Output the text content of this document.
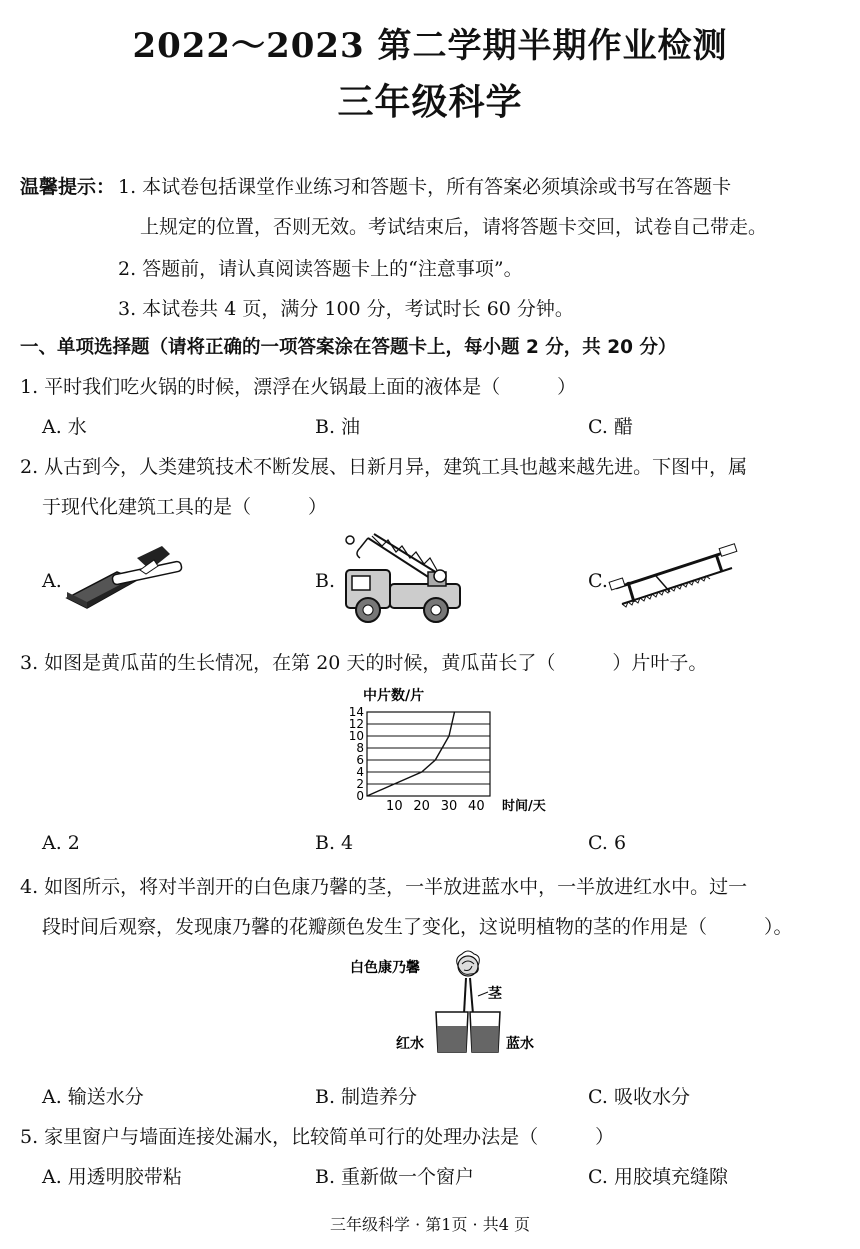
2022～2023 第二学期半期作业检测
三年级科学
温馨提示： 1. 本试卷包括课堂作业练习和答题卡，所有答案必须填涂或书写在答题卡
上规定的位置，否则无效。考试结束后，请将答题卡交回，试卷自己带走。
2. 答题前，请认真阅读答题卡上的“注意事项”。
3. 本试卷共 4 页，满分 100 分，考试时长 60 分钟。
一、单项选择题（请将正确的一项答案涂在答题卡上，每小题 2 分，共 20 分）
1. 平时我们吃火锅的时候，漂浮在火锅最上面的液体是（　　　）
A. 水	B. 油	C. 醋
2. 从古到今，人类建筑技术不断发展、日新月异，建筑工具也越来越先进。下图中，属
于现代化建筑工具的是（　　　）
A.	B.	C.
3. 如图是黄瓜苗的生长情况，在第 20 天的时候，黄瓜苗长了（　　　）片叶子。
中片数/片
0
2
4
6
8
10
12
14
10 20 30 40 时间/天
A. 2	B. 4	C. 6
4. 如图所示，将对半剖开的白色康乃馨的茎，一半放进蓝水中，一半放进红水中。过一
段时间后观察，发现康乃馨的花瓣颜色发生了变化，这说明植物的茎的作用是（　　　）。
白色康乃馨
茎
红水	蓝水
A. 输送水分	B. 制造养分	C. 吸收水分
5. 家里窗户与墙面连接处漏水，比较简单可行的处理办法是（　　　）
A. 用透明胶带粘	B. 重新做一个窗户	C. 用胶填充缝隙
三年级科学 · 第1页 · 共4 页
